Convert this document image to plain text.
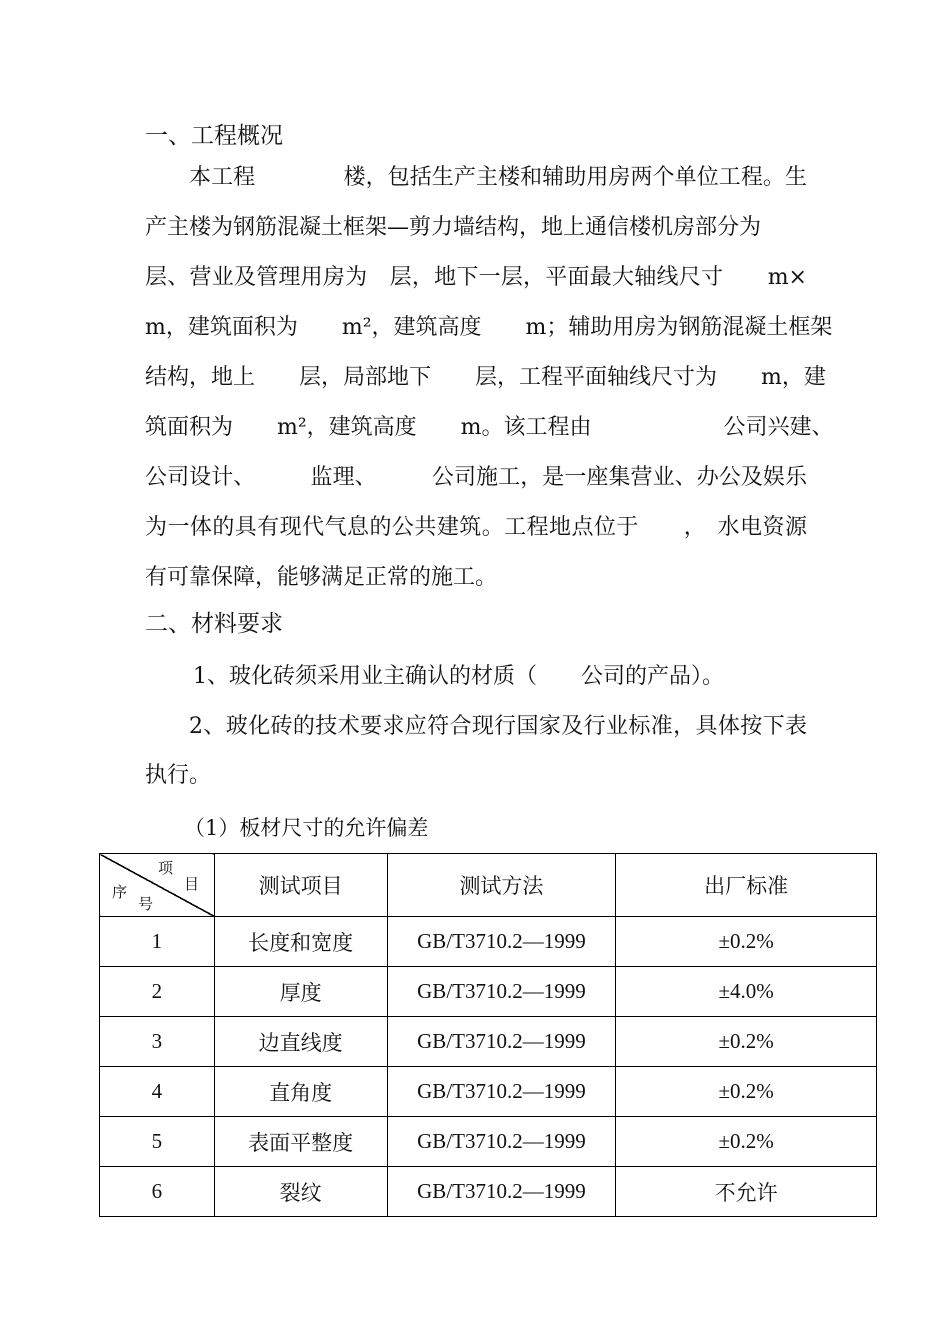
一、工程概况
本工程　　　　楼，包括生产主楼和辅助用房两个单位工程。生
产主楼为钢筋混凝土框架—剪力墙结构，地上通信楼机房部分为
层、营业及管理用房为　层，地下一层，平面最大轴线尺寸　　m×
m，建筑面积为　　m²，建筑高度　　m；辅助用房为钢筋混凝土框架
结构，地上　　层，局部地下　　层，工程平面轴线尺寸为　　m，建
筑面积为　　m²，建筑高度　　m。该工程由　　　　　　公司兴建、
公司设计、　　　监理、　　　公司施工，是一座集营业、办公及娱乐
为一体的具有现代气息的公共建筑。工程地点位于　　，　水电资源
有可靠保障，能够满足正常的施工。
二、材料要求
1、玻化砖须采用业主确认的材质（　　公司的产品）。
2、玻化砖的技术要求应符合现行国家及行业标准，具体按下表
执行。
（1）板材尺寸的允许偏差
项
目
序
号	测试项目	测试方法	出厂标准
1	长度和宽度	GB/T3710.2—1999	±0.2%
2	厚度	GB/T3710.2—1999	±4.0%
3	边直线度	GB/T3710.2—1999	±0.2%
4	直角度	GB/T3710.2—1999	±0.2%
5	表面平整度	GB/T3710.2—1999	±0.2%
6	裂纹	GB/T3710.2—1999	不允许
